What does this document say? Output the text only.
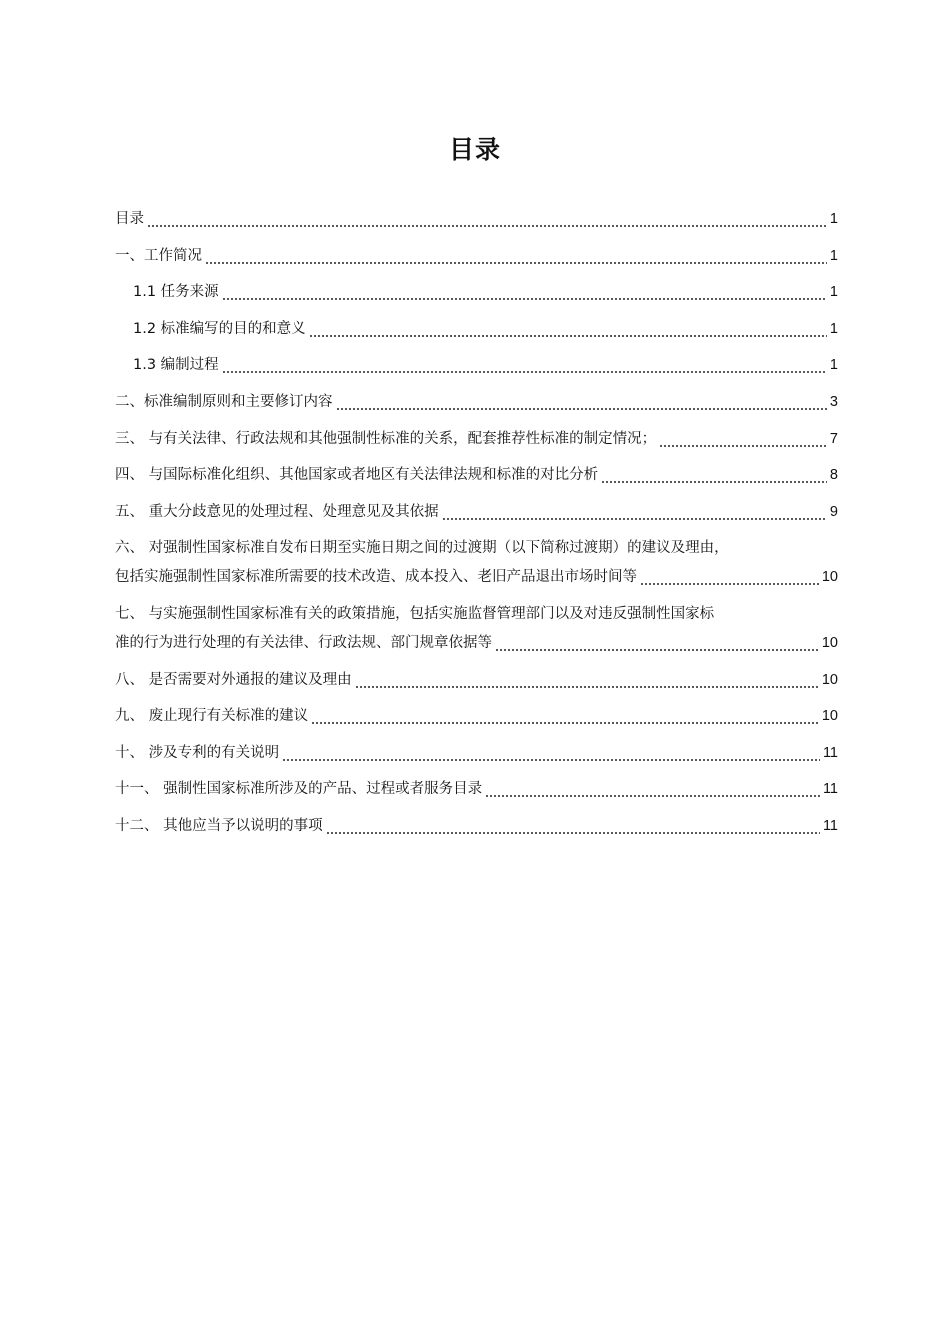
目录
目录	1
一、工作简况	1
1.1 任务来源	1
1.2 标准编写的目的和意义	1
1.3 编制过程	1
二、标准编制原则和主要修订内容	3
三、 与有关法律、行政法规和其他强制性标准的关系，配套推荐性标准的制定情况；	7
四、 与国际标准化组织、其他国家或者地区有关法律法规和标准的对比分析	8
五、 重大分歧意见的处理过程、处理意见及其依据	9
六、 对强制性国家标准自发布日期至实施日期之间的过渡期（以下简称过渡期）的建议及理由，
包括实施强制性国家标准所需要的技术改造、成本投入、老旧产品退出市场时间等	10
七、 与实施强制性国家标准有关的政策措施，包括实施监督管理部门以及对违反强制性国家标
准的行为进行处理的有关法律、行政法规、部门规章依据等	10
八、 是否需要对外通报的建议及理由	10
九、 废止现行有关标准的建议	10
十、 涉及专利的有关说明	11
十一、 强制性国家标准所涉及的产品、过程或者服务目录	11
十二、 其他应当予以说明的事项	11
